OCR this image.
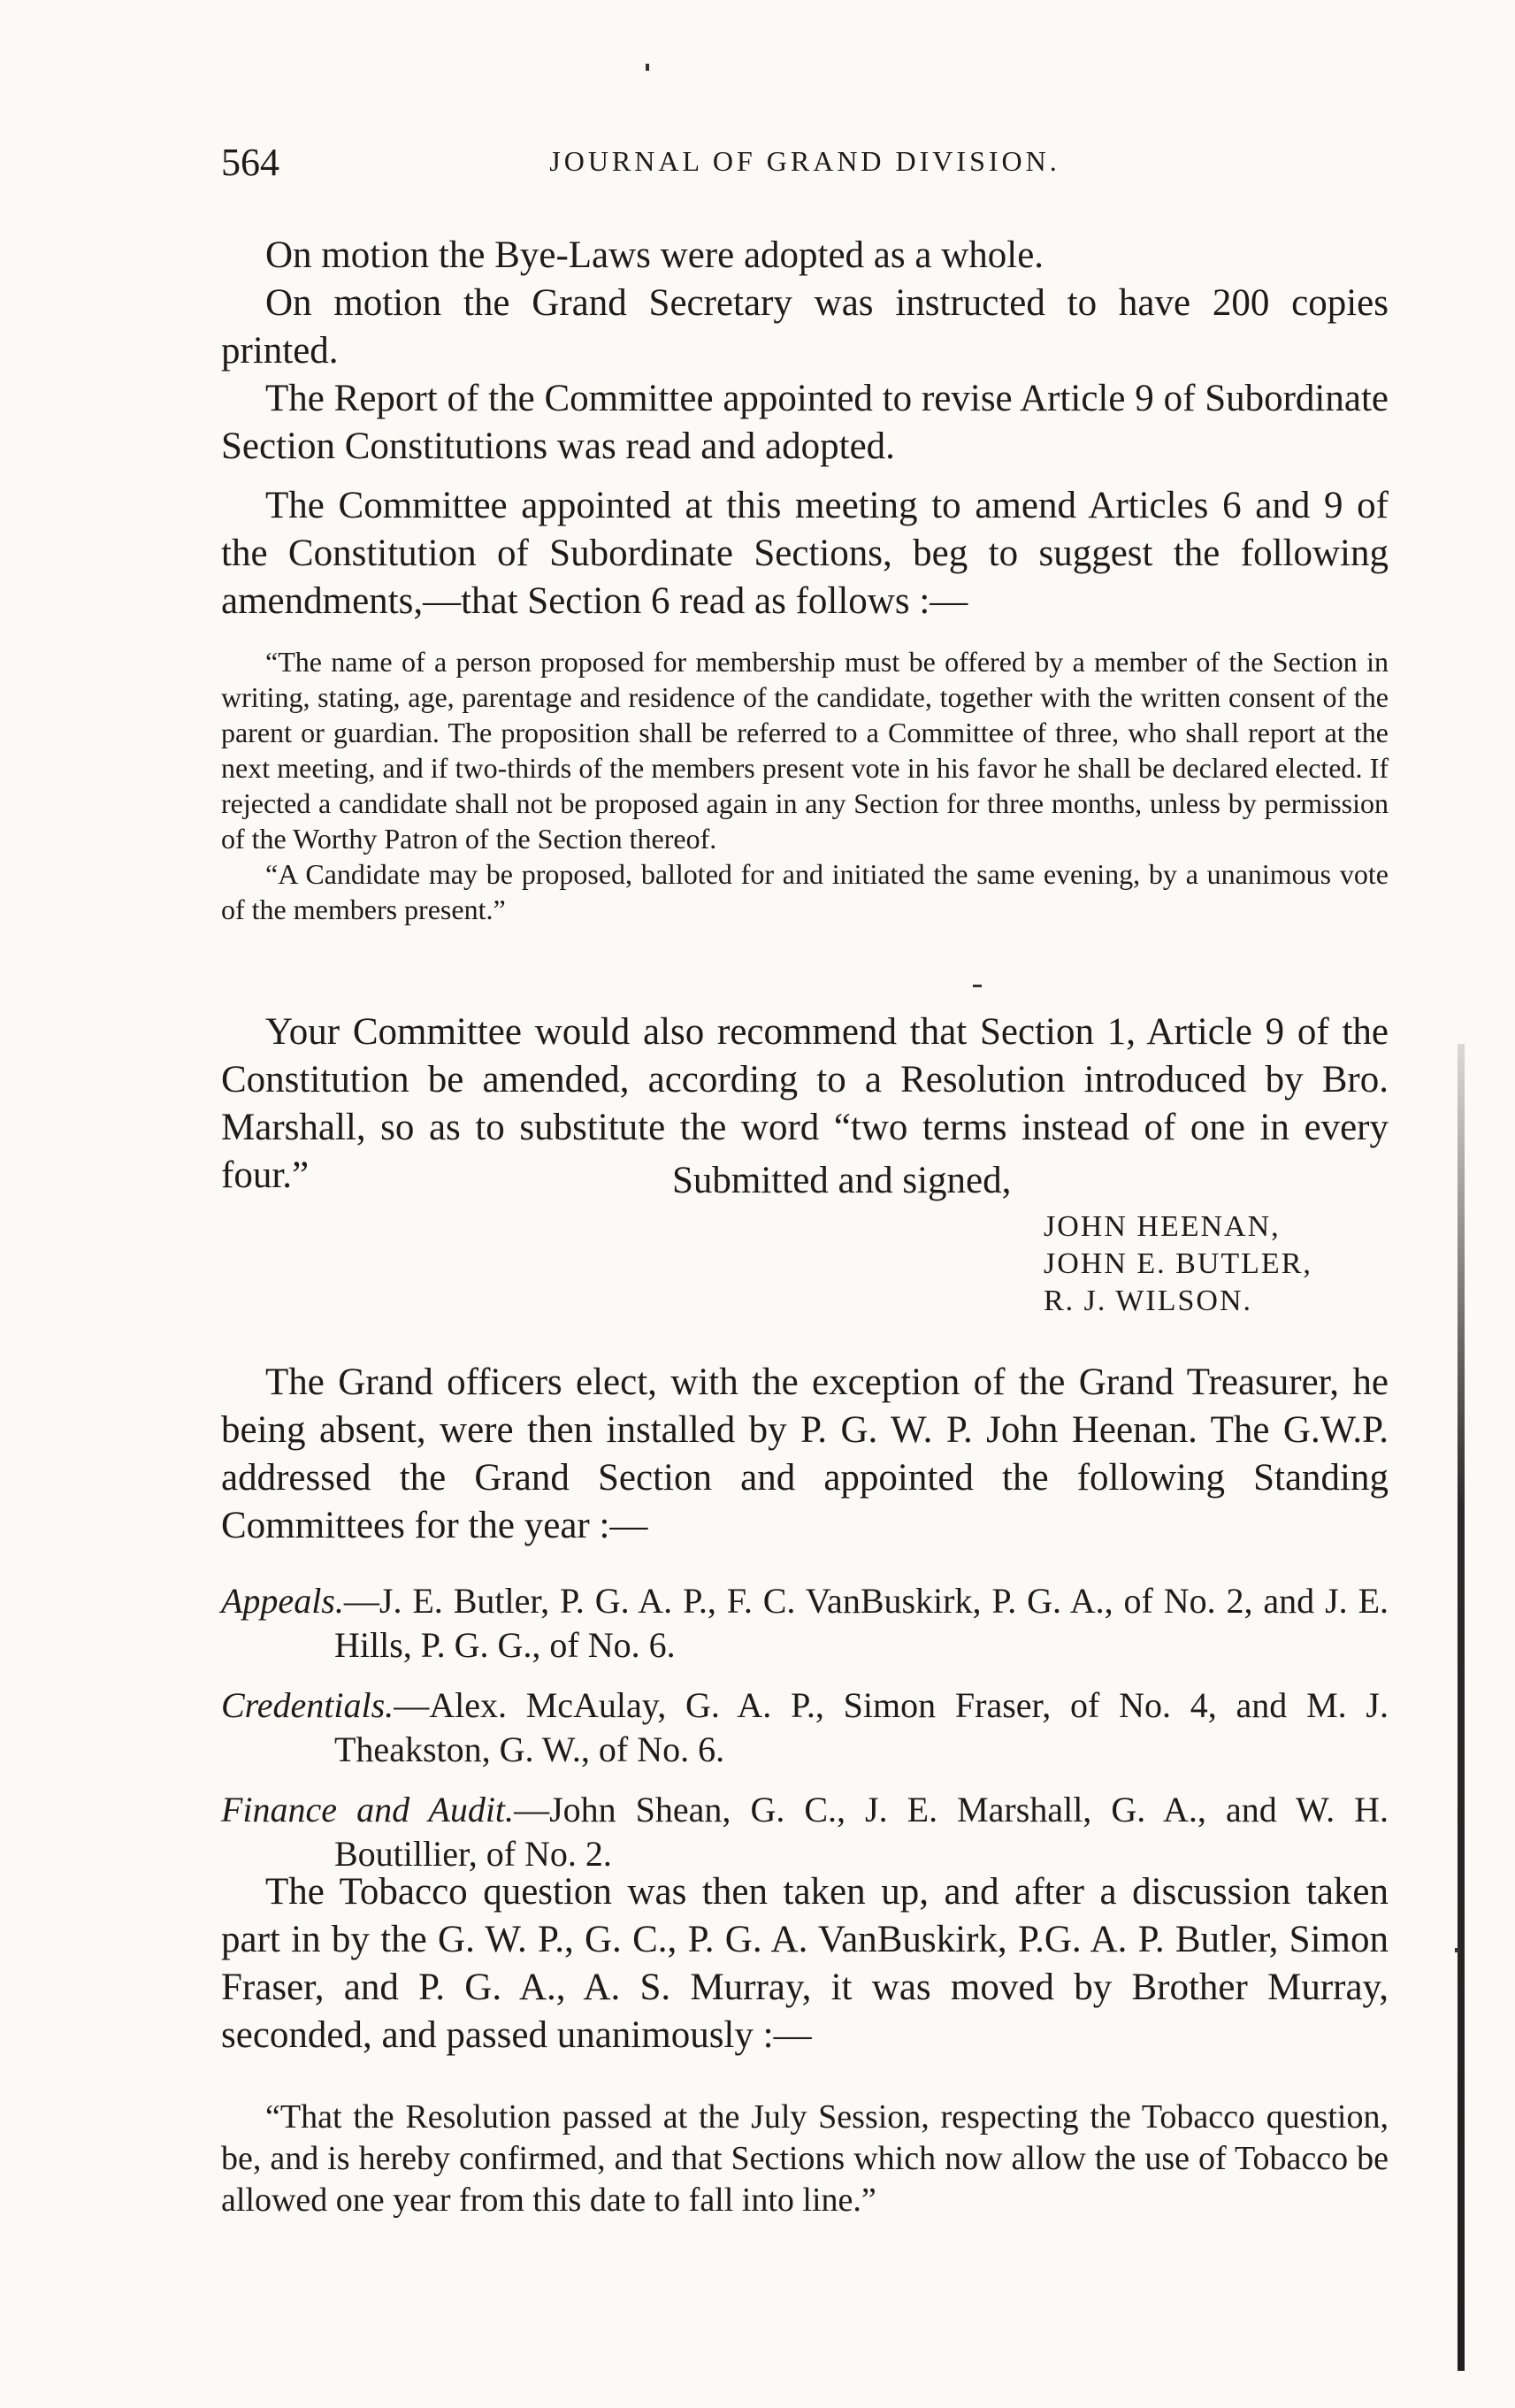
564	JOURNAL OF GRAND DIVISION.

On motion the Bye-Laws were adopted as a whole.

On motion the Grand Secretary was instructed to have 200 copies printed.

The Report of the Committee appointed to revise Article 9 of Subordinate Section Constitutions was read and adopted.

The Committee appointed at this meeting to amend Articles 6 and 9 of the Constitution of Subordinate Sections, beg to suggest the following amendments,—that Section 6 read as follows :—

“The name of a person proposed for membership must be offered by a member of the Section in writing, stating, age, parentage and residence of the candidate, together with the written consent of the parent or guardian. The proposition shall be referred to a Committee of three, who shall report at the next meeting, and if two-thirds of the members present vote in his favor he shall be declared elected. If rejected a candidate shall not be proposed again in any Section for three months, unless by permission of the Worthy Patron of the Section thereof.

“A Candidate may be proposed, balloted for and initiated the same evening, by a unanimous vote of the members present.”

Your Committee would also recommend that Section 1, Article 9 of the Constitution be amended, according to a Resolution introduced by Bro. Marshall, so as to substitute the word “two terms instead of one in every four.”	Submitted and signed,
JOHN HEENAN,
JOHN E. BUTLER,
R. J. WILSON.

The Grand officers elect, with the exception of the Grand Treasurer, he being absent, were then installed by P. G. W. P. John Heenan. The G.W.P. addressed the Grand Section and appointed the following Standing Committees for the year :—

Appeals.—J. E. Butler, P. G. A. P., F. C. VanBuskirk, P. G. A., of No. 2, and J. E. Hills, P. G. G., of No. 6.

Credentials.—Alex. McAulay, G. A. P., Simon Fraser, of No. 4, and M. J. Theakston, G. W., of No. 6.

Finance and Audit.—John Shean, G. C., J. E. Marshall, G. A., and W. H. Boutillier, of No. 2.

The Tobacco question was then taken up, and after a discussion taken part in by the G. W. P., G. C., P. G. A. VanBuskirk, P.G. A. P. Butler, Simon Fraser, and P. G. A., A. S. Murray, it was moved by Brother Murray, seconded, and passed unanimously :—

“That the Resolution passed at the July Session, respecting the Tobacco question, be, and is hereby confirmed, and that Sections which now allow the use of Tobacco be allowed one year from this date to fall into line.”
